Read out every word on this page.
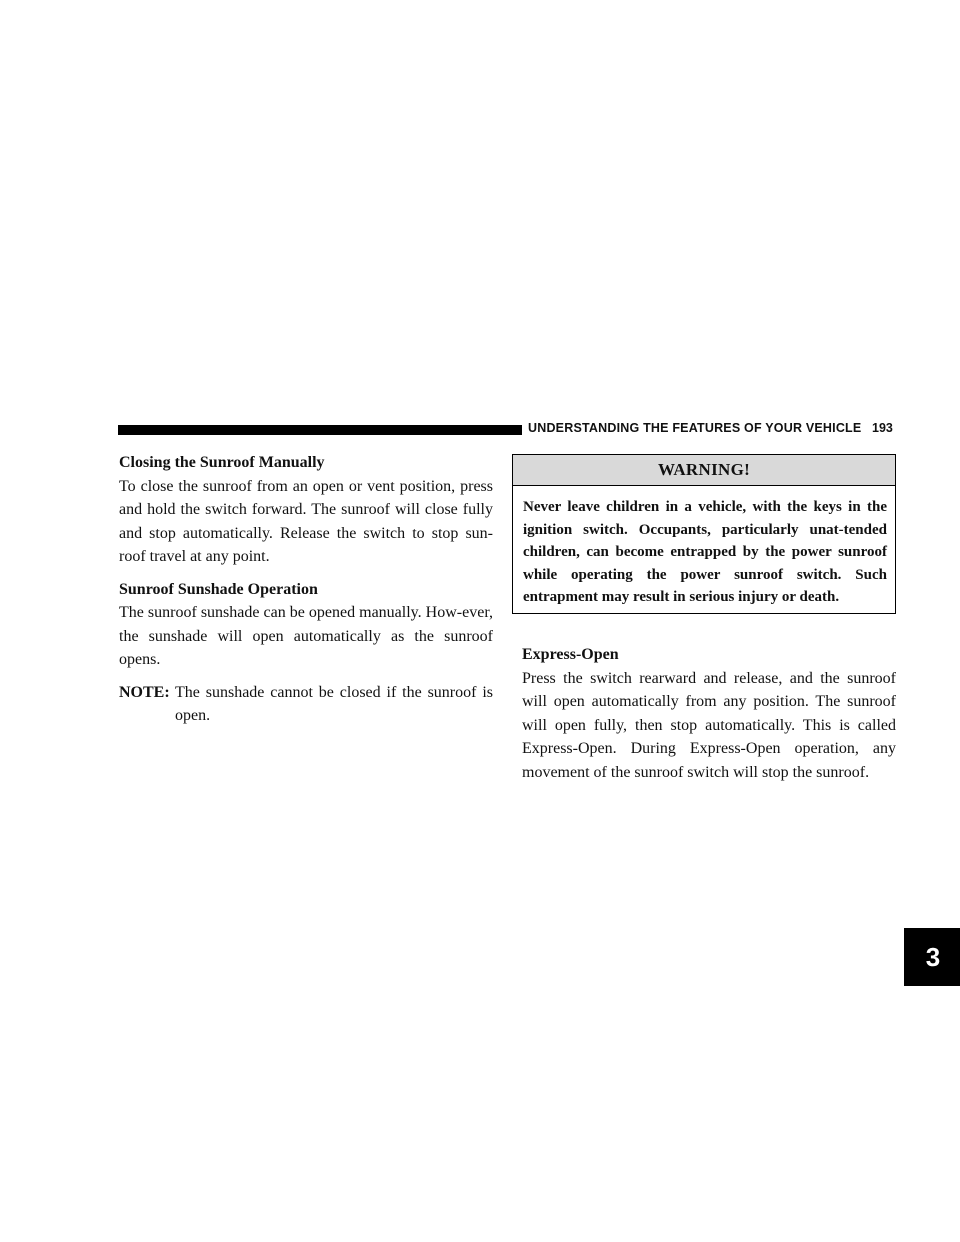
UNDERSTANDING THE FEATURES OF YOUR VEHICLE 193
3
Closing the Sunroof Manually

To close the sunroof from an open or vent position, press and hold the switch forward. The sunroof will close fully and stop automatically. Release the switch to stop sun-roof travel at any point.

Sunroof Sunshade Operation

The sunroof sunshade can be opened manually. How-ever, the sunshade will open automatically as the sunroof opens.

NOTE: The sunshade cannot be closed if the sunroof is open.
WARNING!
Never leave children in a vehicle, with the keys in the ignition switch. Occupants, particularly unat-tended children, can become entrapped by the power sunroof while operating the power sunroof switch. Such entrapment may result in serious injury or death.
Express-Open

Press the switch rearward and release, and the sunroof will open automatically from any position. The sunroof will open fully, then stop automatically. This is called Express-Open. During Express-Open operation, any movement of the sunroof switch will stop the sunroof.
